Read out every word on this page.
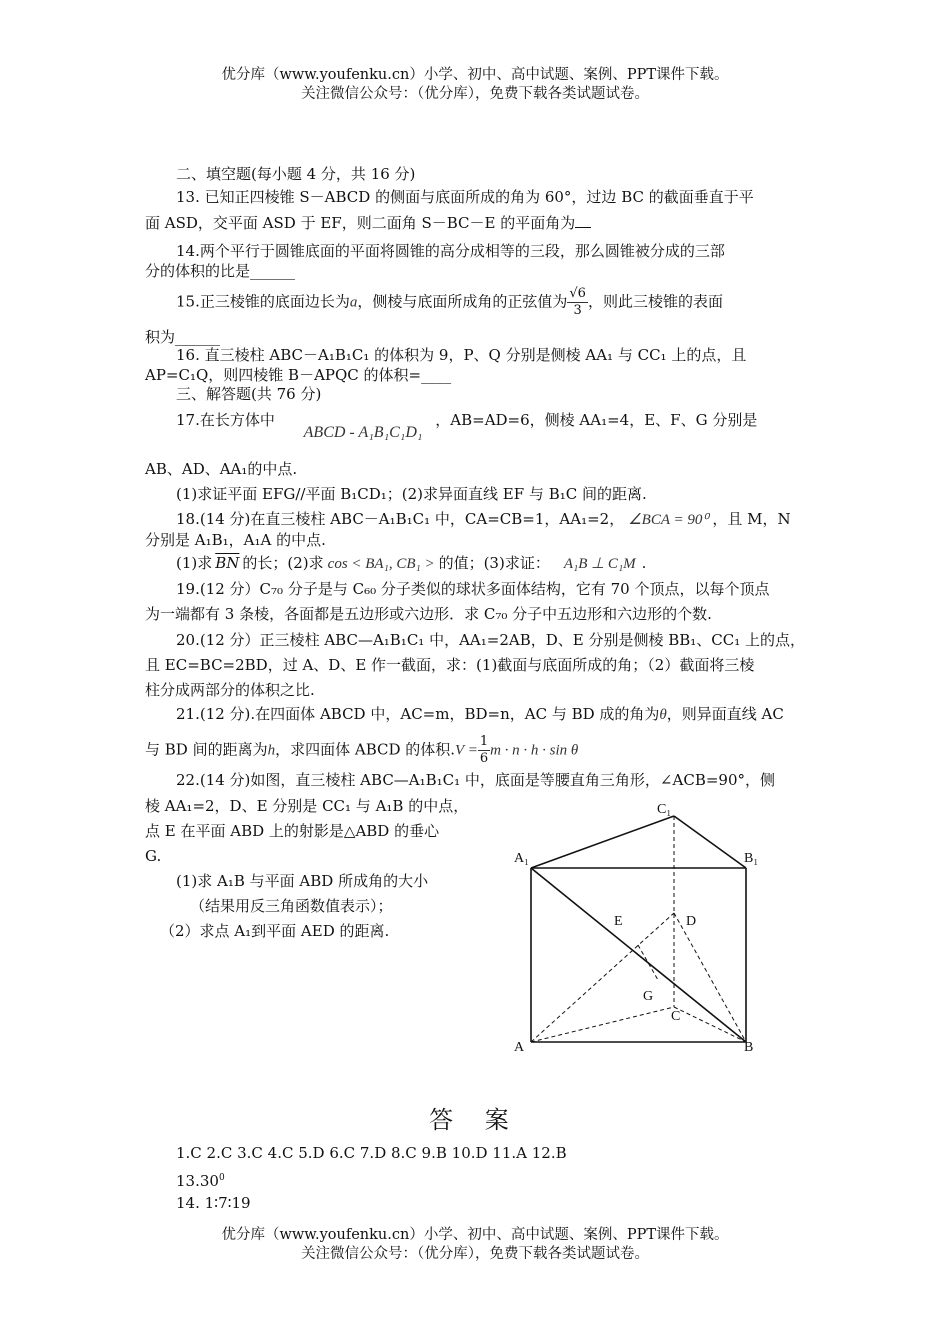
优分库（www.youfenku.cn）小学、初中、高中试题、案例、PPT课件下载。
关注微信公众号：（优分库），免费下载各类试题试卷。
二、填空题(每小题 4 分，共 16 分)
13. 已知正四棱锥 S－ABCD 的侧面与底面所成的角为 60°，过边 BC 的截面垂直于平
面 ASD，交平面 ASD 于 EF，则二面角 S－BC－E 的平面角为
14.两个平行于圆锥底面的平面将圆锥的高分成相等的三段，那么圆锥被分成的三部
分的体积的比是______
15.正三棱锥的底面边长为a，侧棱与底面所成角的正弦值为 $\frac{√6}{3}$ ，则此三棱锥的表面
积为______
16. 直三棱柱 ABC－A₁B₁C₁ 的体积为 9，P、Q 分别是侧棱 AA₁ 与 CC₁ 上的点，且
AP=C₁Q，则四棱锥 B－APQC 的体积=____
三、解答题(共 76 分)
17.在长方体中 ABCD - A₁B₁C₁D₁ ，AB=AD=6，侧棱 AA₁=4，E、F、G 分别是
AB、AD、AA₁的中点.
(1)求证平面 EFG//平面 B₁CD₁；(2)求异面直线 EF 与 B₁C 间的距离.
18.(14 分)在直三棱柱 ABC－A₁B₁C₁ 中，CA=CB=1，AA₁=2， ∠BCA = 90⁰ ，且 M，N
分别是 A₁B₁，A₁A 的中点.
(1)求 $\overline{BN}$ 的长；(2)求 cos < BA₁, CB₁ > 的值；(3)求证： A₁B ⊥ C₁M .
19.(12 分）C₇₀ 分子是与 C₆₀ 分子类似的球状多面体结构，它有 70 个顶点，以每个顶点
为一端都有 3 条棱，各面都是五边形或六边形．求 C₇₀ 分子中五边形和六边形的个数.
20.(12 分）正三棱柱 ABC—A₁B₁C₁ 中，AA₁=2AB，D、E 分别是侧棱 BB₁、CC₁ 上的点，
且 EC=BC=2BD，过 A、D、E 作一截面，求：(1)截面与底面所成的角；（2）截面将三棱
柱分成两部分的体积之比.
21.(12 分).在四面体 ABCD 中，AC=m，BD=n，AC 与 BD 成的角为θ，则异面直线 AC
与 BD 间的距离为h，求四面体 ABCD 的体积$.V = \frac{1}{6}$ m · n · h · sin θ
22.(14 分)如图，直三棱柱 ABC—A₁B₁C₁ 中，底面是等腰直角三角形，∠ACB=90°，侧
棱 AA₁=2，D、E 分别是 CC₁ 与 A₁B 的中点，
点 E 在平面 ABD 上的射影是△ABD 的垂心
G.
(1)求 A₁B 与平面 ABD 所成角的大小
（结果用反三角函数值表示）；
（2）求点 A₁到平面 AED 的距离.
C₁
A₁	B₁
E	D
G
C
A	B
答 案
1.C 2.C 3.C 4.C 5.D 6.C 7.D 8.C 9.B 10.D 11.A 12.B
13.30$^0$
14. 1∶7∶19
优分库（www.youfenku.cn）小学、初中、高中试题、案例、PPT课件下载。
关注微信公众号：（优分库），免费下载各类试题试卷。
